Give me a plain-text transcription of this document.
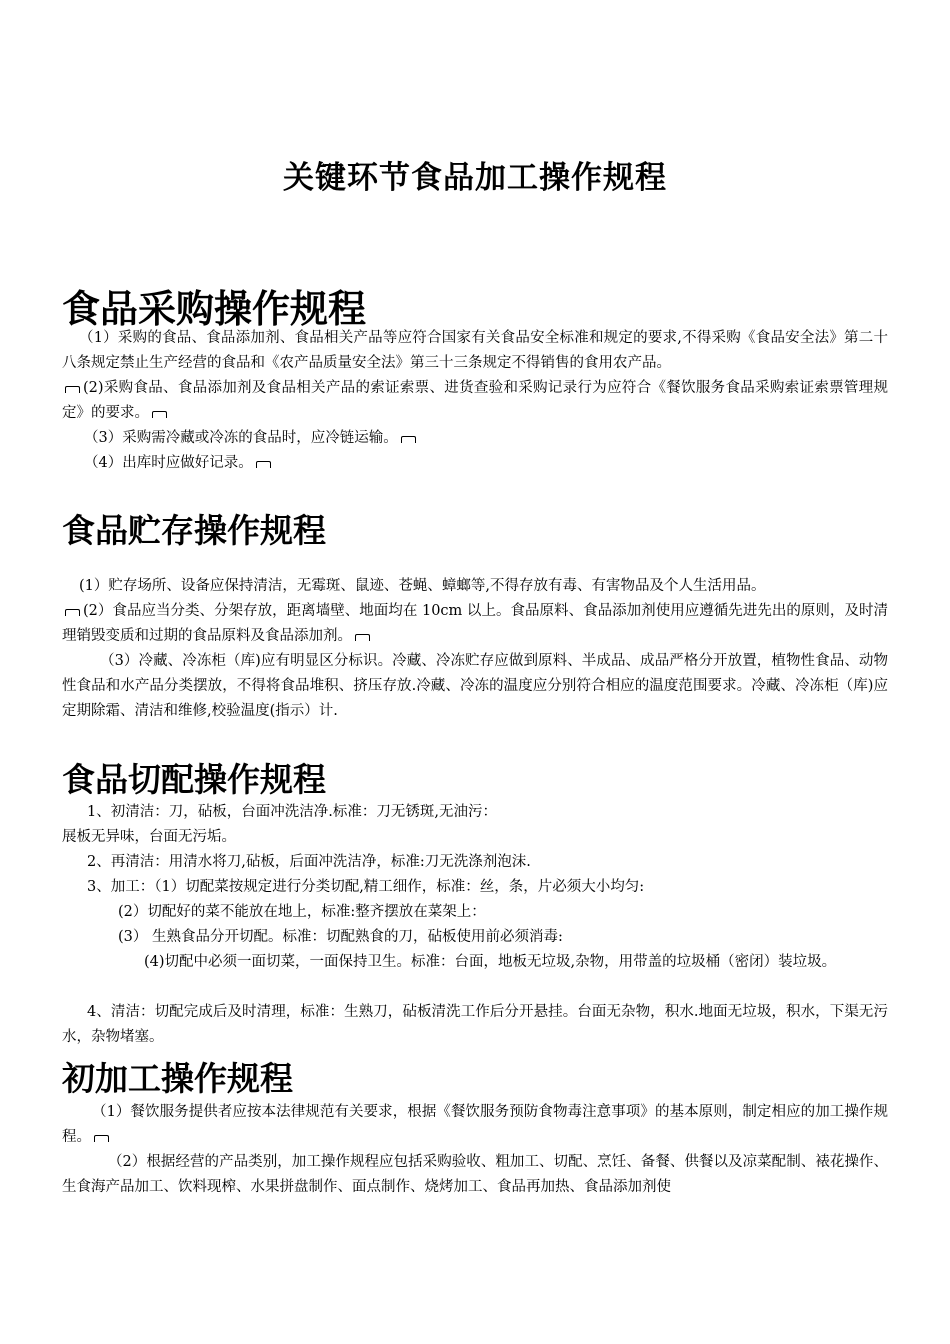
关键环节食品加工操作规程
食品采购操作规程

（1）采购的食品、食品添加剂、食品相关产品等应符合国家有关食品安全标准和规定的要求,不得采购《食品安全法》第二十八条规定禁止生产经营的食品和《农产品质量安全法》第三十三条规定不得销售的食用农产品。

(2)采购食品、食品添加剂及食品相关产品的索证索票、进货查验和采购记录行为应符合《餐饮服务食品采购索证索票管理规定》的要求。

（3）采购需冷藏或冷冻的食品时，应冷链运输。

（4）出库时应做好记录。

食品贮存操作规程

(1）贮存场所、设备应保持清洁，无霉斑、鼠迹、苍蝇、蟑螂等,不得存放有毒、有害物品及个人生活用品。

(2）食品应当分类、分架存放，距离墙壁、地面均在 10cm 以上。食品原料、食品添加剂使用应遵循先进先出的原则，及时清理销毁变质和过期的食品原料及食品添加剂。

（3）冷藏、冷冻柜（库)应有明显区分标识。冷藏、冷冻贮存应做到原料、半成品、成品严格分开放置，植物性食品、动物性食品和水产品分类摆放，不得将食品堆积、挤压存放.冷藏、冷冻的温度应分别符合相应的温度范围要求。冷藏、冷冻柜（库)应定期除霜、清洁和维修,校验温度(指示）计.

食品切配操作规程

1、初清洁：刀，砧板，台面冲洗洁净.标准：刀无锈斑,无油污：

展板无异味，台面无污垢。

2、再清洁：用清水将刀,砧板，后面冲洗洁净，标准:刀无洗涤剂泡沫.

3、加工：（1）切配菜按规定进行分类切配,精工细作，标准：丝，条，片必须大小均匀:

(2）切配好的菜不能放在地上，标准:整齐摆放在菜架上：

(3） 生熟食品分开切配。标准：切配熟食的刀，砧板使用前必须消毒:

(4)切配中必须一面切菜，一面保持卫生。标准：台面，地板无垃圾,杂物，用带盖的垃圾桶（密闭）装垃圾。

4、清洁：切配完成后及时清理，标准：生熟刀，砧板清洗工作后分开悬挂。台面无杂物，积水.地面无垃圾，积水，下渠无污水，杂物堵塞。

初加工操作规程

（1）餐饮服务提供者应按本法律规范有关要求，根据《餐饮服务预防食物毒注意事项》的基本原则，制定相应的加工操作规程。

（2）根据经营的产品类别，加工操作规程应包括采购验收、粗加工、切配、烹饪、备餐、供餐以及凉菜配制、裱花操作、生食海产品加工、饮料现榨、水果拼盘制作、面点制作、烧烤加工、食品再加热、食品添加剂使
